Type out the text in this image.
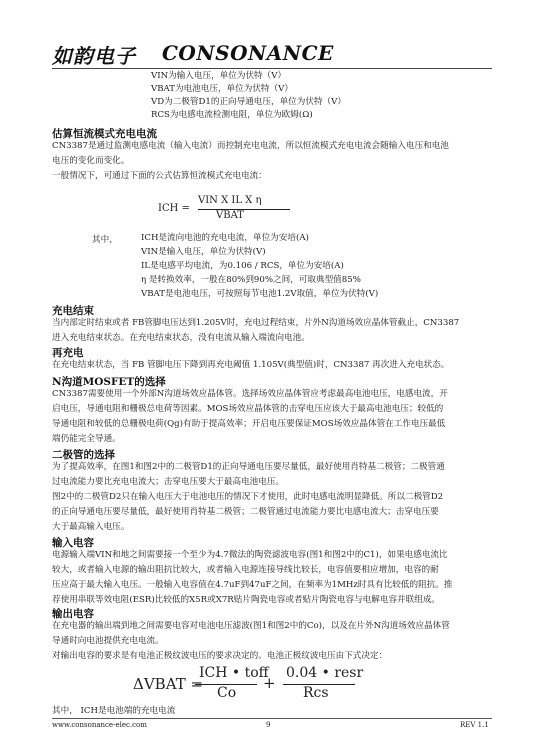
如韵电子 CONSONANCE
VIN为输入电压，单位为伏特（V）
VBAT为电池电压，单位为伏特（V）
VD为二极管D1的正向导通电压，单位为伏特（V）
RCS为电感电流检测电阻，单位为欧姆(Ω)
估算恒流模式充电电流
CN3387是通过监测电感电流（输入电流）而控制充电电流，所以恒流模式充电电流会随输入电压和电池
电压的变化而变化。
一般情况下，可通过下面的公式估算恒流模式充电电流：
ICH =
VIN X IL X η
VBAT
其中，	ICH是流向电池的充电电流，单位为安培(A)
VIN是输入电压，单位为伏特(V)
IL是电感平均电流，为0.106 / RCS，单位为安培(A)
η 是转换效率，一般在80%到90%之间，可取典型值85%
VBAT是电池电压，可按照每节电池1.2V取值，单位为伏特(V)
充电结束
当内部定时结束或者 FB管脚电压达到1.205V时，充电过程结束，片外N沟道场效应晶体管截止，CN3387
进入充电结束状态。在充电结束状态，没有电流从输入端流向电池。
再充电
在充电结束状态，当 FB 管脚电压下降到再充电阈值 1.105V(典型值)时，CN3387 再次进入充电状态。
N沟道MOSFET的选择
CN3387需要使用一个外部N沟道场效应晶体管。选择场效应晶体管应考虑最高电池电压，电感电流，开
启电压，导通电阻和栅极总电荷等因素。MOS场效应晶体管的击穿电压应该大于最高电池电压；较低的
导通电阻和较低的总栅极电荷(Qg)有助于提高效率；开启电压要保证MOS场效应晶体管在工作电压最低
端仍能完全导通。
二极管的选择
为了提高效率，在图1和图2中的二极管D1的正向导通电压要尽量低，最好使用肖特基二极管；二极管通
过电流能力要比充电电流大；击穿电压要大于最高电池电压。
图2中的二极管D2只在输入电压大于电池电压的情况下才使用，此时电感电流明显降低。所以二极管D2
的正向导通电压要尽量低，最好使用肖特基二极管；二极管通过电流能力要比电感电流大；击穿电压要
大于最高输入电压。
输入电容
电源输入端VIN和地之间需要接一个至少为4.7微法的陶瓷滤波电容(图1和图2中的C1)，如果电感电流比
较大，或者输入电源的输出阻抗比较大，或者输入电源连接导线比较长，电容值要相应增加，电容的耐
压应高于最大输入电压。一般输入电容值在4.7uF到47uF之间，在频率为1MHz时具有比较低的阻抗。推
荐使用串联等效电阻(ESR)比较低的X5R或X7R贴片陶瓷电容或者贴片陶瓷电容与电解电容并联组成。
输出电容
在充电器的输出端到地之间需要电容对电池电压滤波(图1和图2中的Co)，以及在片外N沟道场效应晶体管
导通时向电池提供充电电流。
对输出电容的要求是有电池正极纹波电压的要求决定的。电池正极纹波电压由下式决定：
ΔVBAT =
ICH • toff
Co
+
0.04 • resr
Rcs
其中， ICH是电池端的充电电流
www.consonance-elec.com	9	REV 1.1
